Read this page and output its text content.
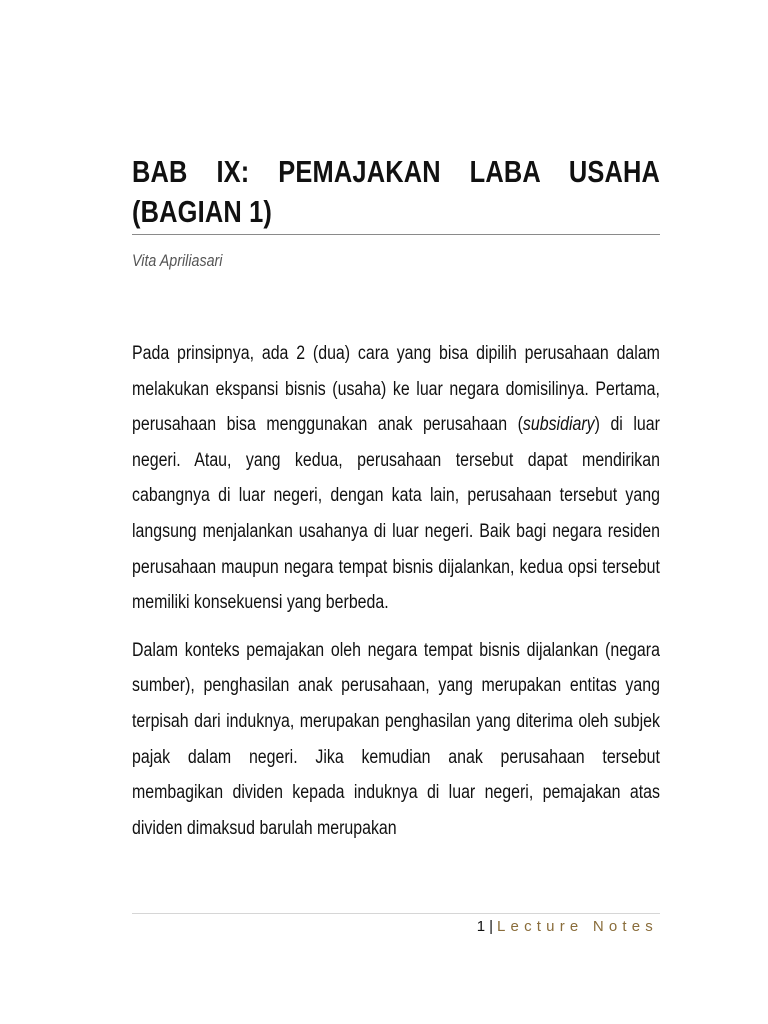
BAB IX: PEMAJAKAN LABA USAHA (BAGIAN 1)

Vita Apriliasari

Pada prinsipnya, ada 2 (dua) cara yang bisa dipilih perusahaan dalam melakukan ekspansi bisnis (usaha) ke luar negara domisilinya. Pertama, perusahaan bisa menggunakan anak perusahaan (subsidiary) di luar negeri. Atau, yang kedua, perusahaan tersebut dapat mendirikan cabangnya di luar negeri, dengan kata lain, perusahaan tersebut yang langsung menjalankan usahanya di luar negeri. Baik bagi negara residen perusahaan maupun negara tempat bisnis dijalankan, kedua opsi tersebut memiliki konsekuensi yang berbeda.

Dalam konteks pemajakan oleh negara tempat bisnis dijalankan (negara sumber), penghasilan anak perusahaan, yang merupakan entitas yang terpisah dari induknya, merupakan penghasilan yang diterima oleh subjek pajak dalam negeri. Jika kemudian anak perusahaan tersebut membagikan dividen kepada induknya di luar negeri, pemajakan atas dividen dimaksud barulah merupakan

1 | Lecture Notes
